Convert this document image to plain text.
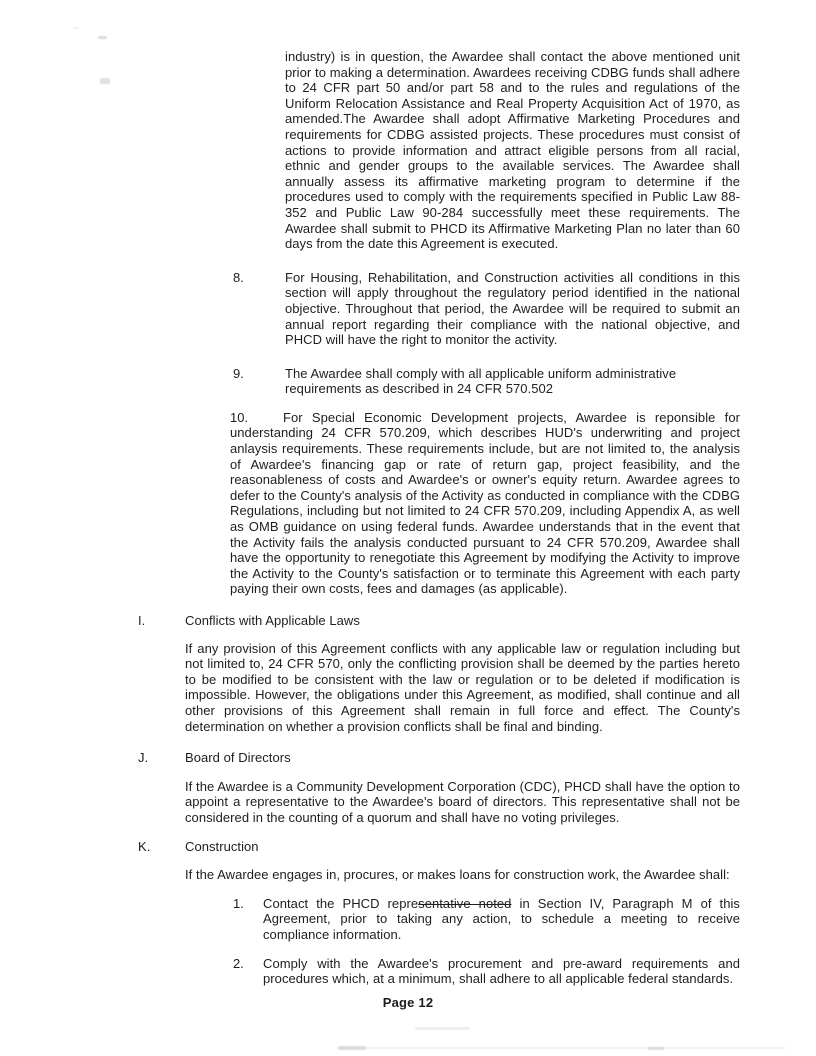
industry) is in question, the Awardee shall contact the above mentioned unit prior to making a determination. Awardees receiving CDBG funds shall adhere to 24 CFR part 50 and/or part 58 and to the rules and regulations of the Uniform Relocation Assistance and Real Property Acquisition Act of 1970, as amended.The Awardee shall adopt Affirmative Marketing Procedures and requirements for CDBG assisted projects. These procedures must consist of actions to provide information and attract eligible persons from all racial, ethnic and gender groups to the available services. The Awardee shall annually assess its affirmative marketing program to determine if the procedures used to comply with the requirements specified in Public Law 88-352 and Public Law 90-284 successfully meet these requirements. The Awardee shall submit to PHCD its Affirmative Marketing Plan no later than 60 days from the date this Agreement is executed.

8.	For Housing, Rehabilitation, and Construction activities all conditions in this section will apply throughout the regulatory period identified in the national objective. Throughout that period, the Awardee will be required to submit an annual report regarding their compliance with the national objective, and PHCD will have the right to monitor the activity.

9.	The Awardee shall comply with all applicable uniform administrative requirements as described in 24 CFR 570.502

10.	For Special Economic Development projects, Awardee is reponsible for understanding 24 CFR 570.209, which describes HUD's underwriting and project anlaysis requirements. These requirements include, but are not limited to, the analysis of Awardee's financing gap or rate of return gap, project feasibility, and the reasonableness of costs and Awardee's or owner's equity return. Awardee agrees to defer to the County's analysis of the Activity as conducted in compliance with the CDBG Regulations, including but not limited to 24 CFR 570.209, including Appendix A, as well as OMB guidance on using federal funds. Awardee understands that in the event that the Activity fails the analysis conducted pursuant to 24 CFR 570.209, Awardee shall have the opportunity to renegotiate this Agreement by modifying the Activity to improve the Activity to the County's satisfaction or to terminate this Agreement with each party paying their own costs, fees and damages (as applicable).

I.	Conflicts with Applicable Laws

If any provision of this Agreement conflicts with any applicable law or regulation including but not limited to, 24 CFR 570, only the conflicting provision shall be deemed by the parties hereto to be modified to be consistent with the law or regulation or to be deleted if modification is impossible. However, the obligations under this Agreement, as modified, shall continue and all other provisions of this Agreement shall remain in full force and effect. The County's determination on whether a provision conflicts shall be final and binding.

J.	Board of Directors

If the Awardee is a Community Development Corporation (CDC), PHCD shall have the option to appoint a representative to the Awardee's board of directors. This representative shall not be considered in the counting of a quorum and shall have no voting privileges.

K.	Construction

If the Awardee engages in, procures, or makes loans for construction work, the Awardee shall:

1.	Contact the PHCD representative noted in Section IV, Paragraph M of this Agreement, prior to taking any action, to schedule a meeting to receive compliance information.

2.	Comply with the Awardee's procurement and pre-award requirements and procedures which, at a minimum, shall adhere to all applicable federal standards.

Page 12
